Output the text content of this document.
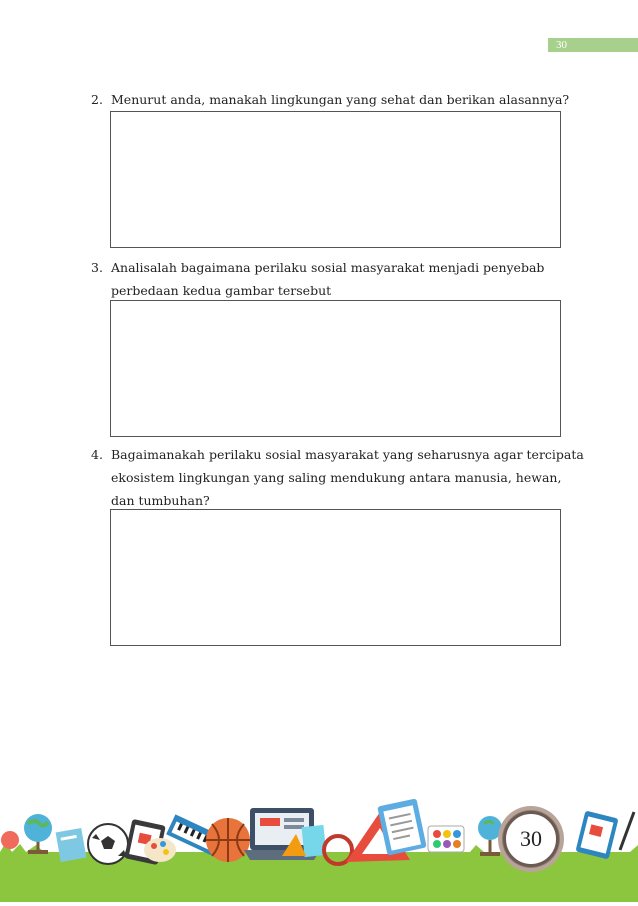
30
2. Menurut anda, manakah lingkungan yang sehat dan berikan alasannya?
3. Analisalah bagaimana perilaku sosial masyarakat menjadi penyebab
perbedaan kedua gambar tersebut
4. Bagaimanakah perilaku sosial masyarakat yang seharusnya agar tercipata
ekosistem lingkungan yang saling mendukung antara manusia, hewan,
dan tumbuhan?
30
